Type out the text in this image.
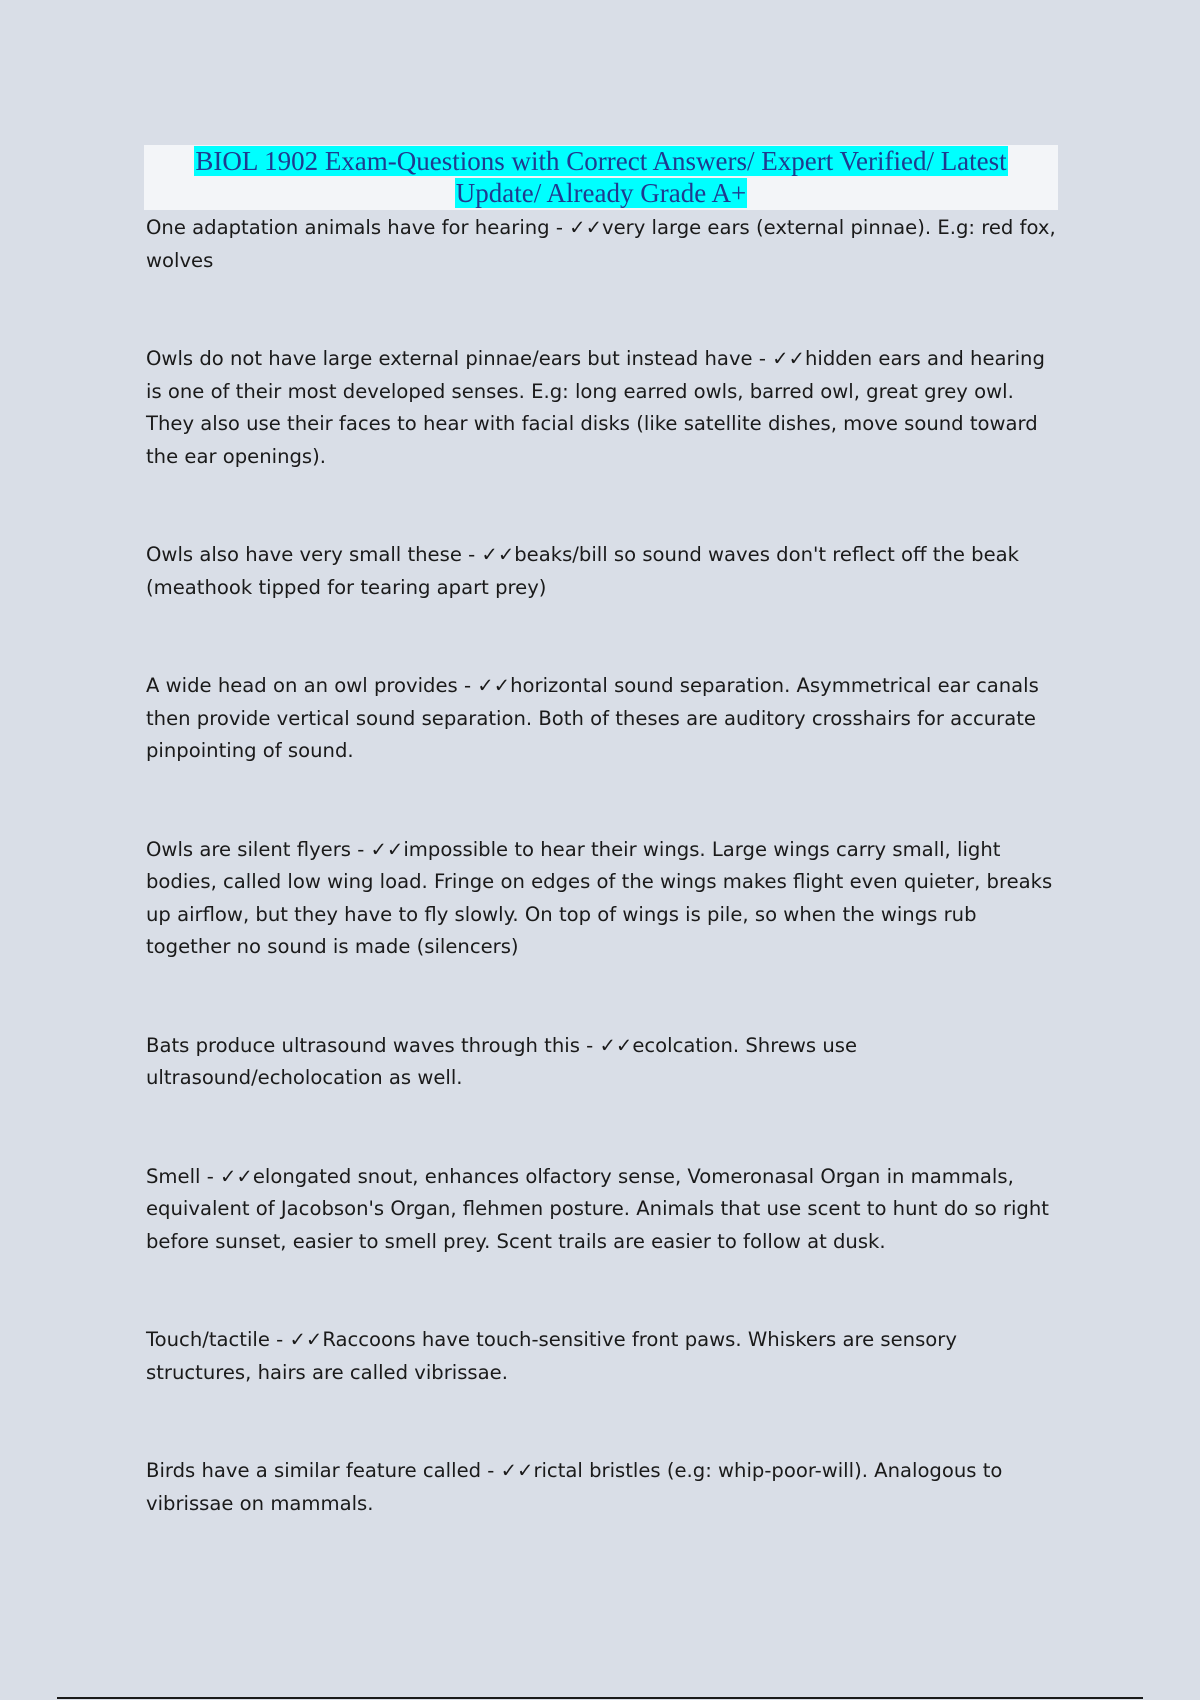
BIOL 1902 Exam-Questions with Correct Answers/ Expert Verified/ Latest
Update/ Already Grade A+

One adaptation animals have for hearing - ✓✓very large ears (external pinnae). E.g: red fox, wolves

Owls do not have large external pinnae/ears but instead have - ✓✓hidden ears and hearing is one of their most developed senses. E.g: long earred owls, barred owl, great grey owl. They also use their faces to hear with facial disks (like satellite dishes, move sound toward the ear openings).

Owls also have very small these - ✓✓beaks/bill so sound waves don't reflect off the beak (meathook tipped for tearing apart prey)

A wide head on an owl provides - ✓✓horizontal sound separation. Asymmetrical ear canals then provide vertical sound separation. Both of theses are auditory crosshairs for accurate pinpointing of sound.

Owls are silent flyers - ✓✓impossible to hear their wings. Large wings carry small, light bodies, called low wing load. Fringe on edges of the wings makes flight even quieter, breaks up airflow, but they have to fly slowly. On top of wings is pile, so when the wings rub together no sound is made (silencers)

Bats produce ultrasound waves through this - ✓✓ecolcation. Shrews use ultrasound/echolocation as well.

Smell - ✓✓elongated snout, enhances olfactory sense, Vomeronasal Organ in mammals, equivalent of Jacobson's Organ, flehmen posture. Animals that use scent to hunt do so right before sunset, easier to smell prey. Scent trails are easier to follow at dusk.

Touch/tactile - ✓✓Raccoons have touch-sensitive front paws. Whiskers are sensory structures, hairs are called vibrissae.

Birds have a similar feature called - ✓✓rictal bristles (e.g: whip-poor-will). Analogous to vibrissae on mammals.
